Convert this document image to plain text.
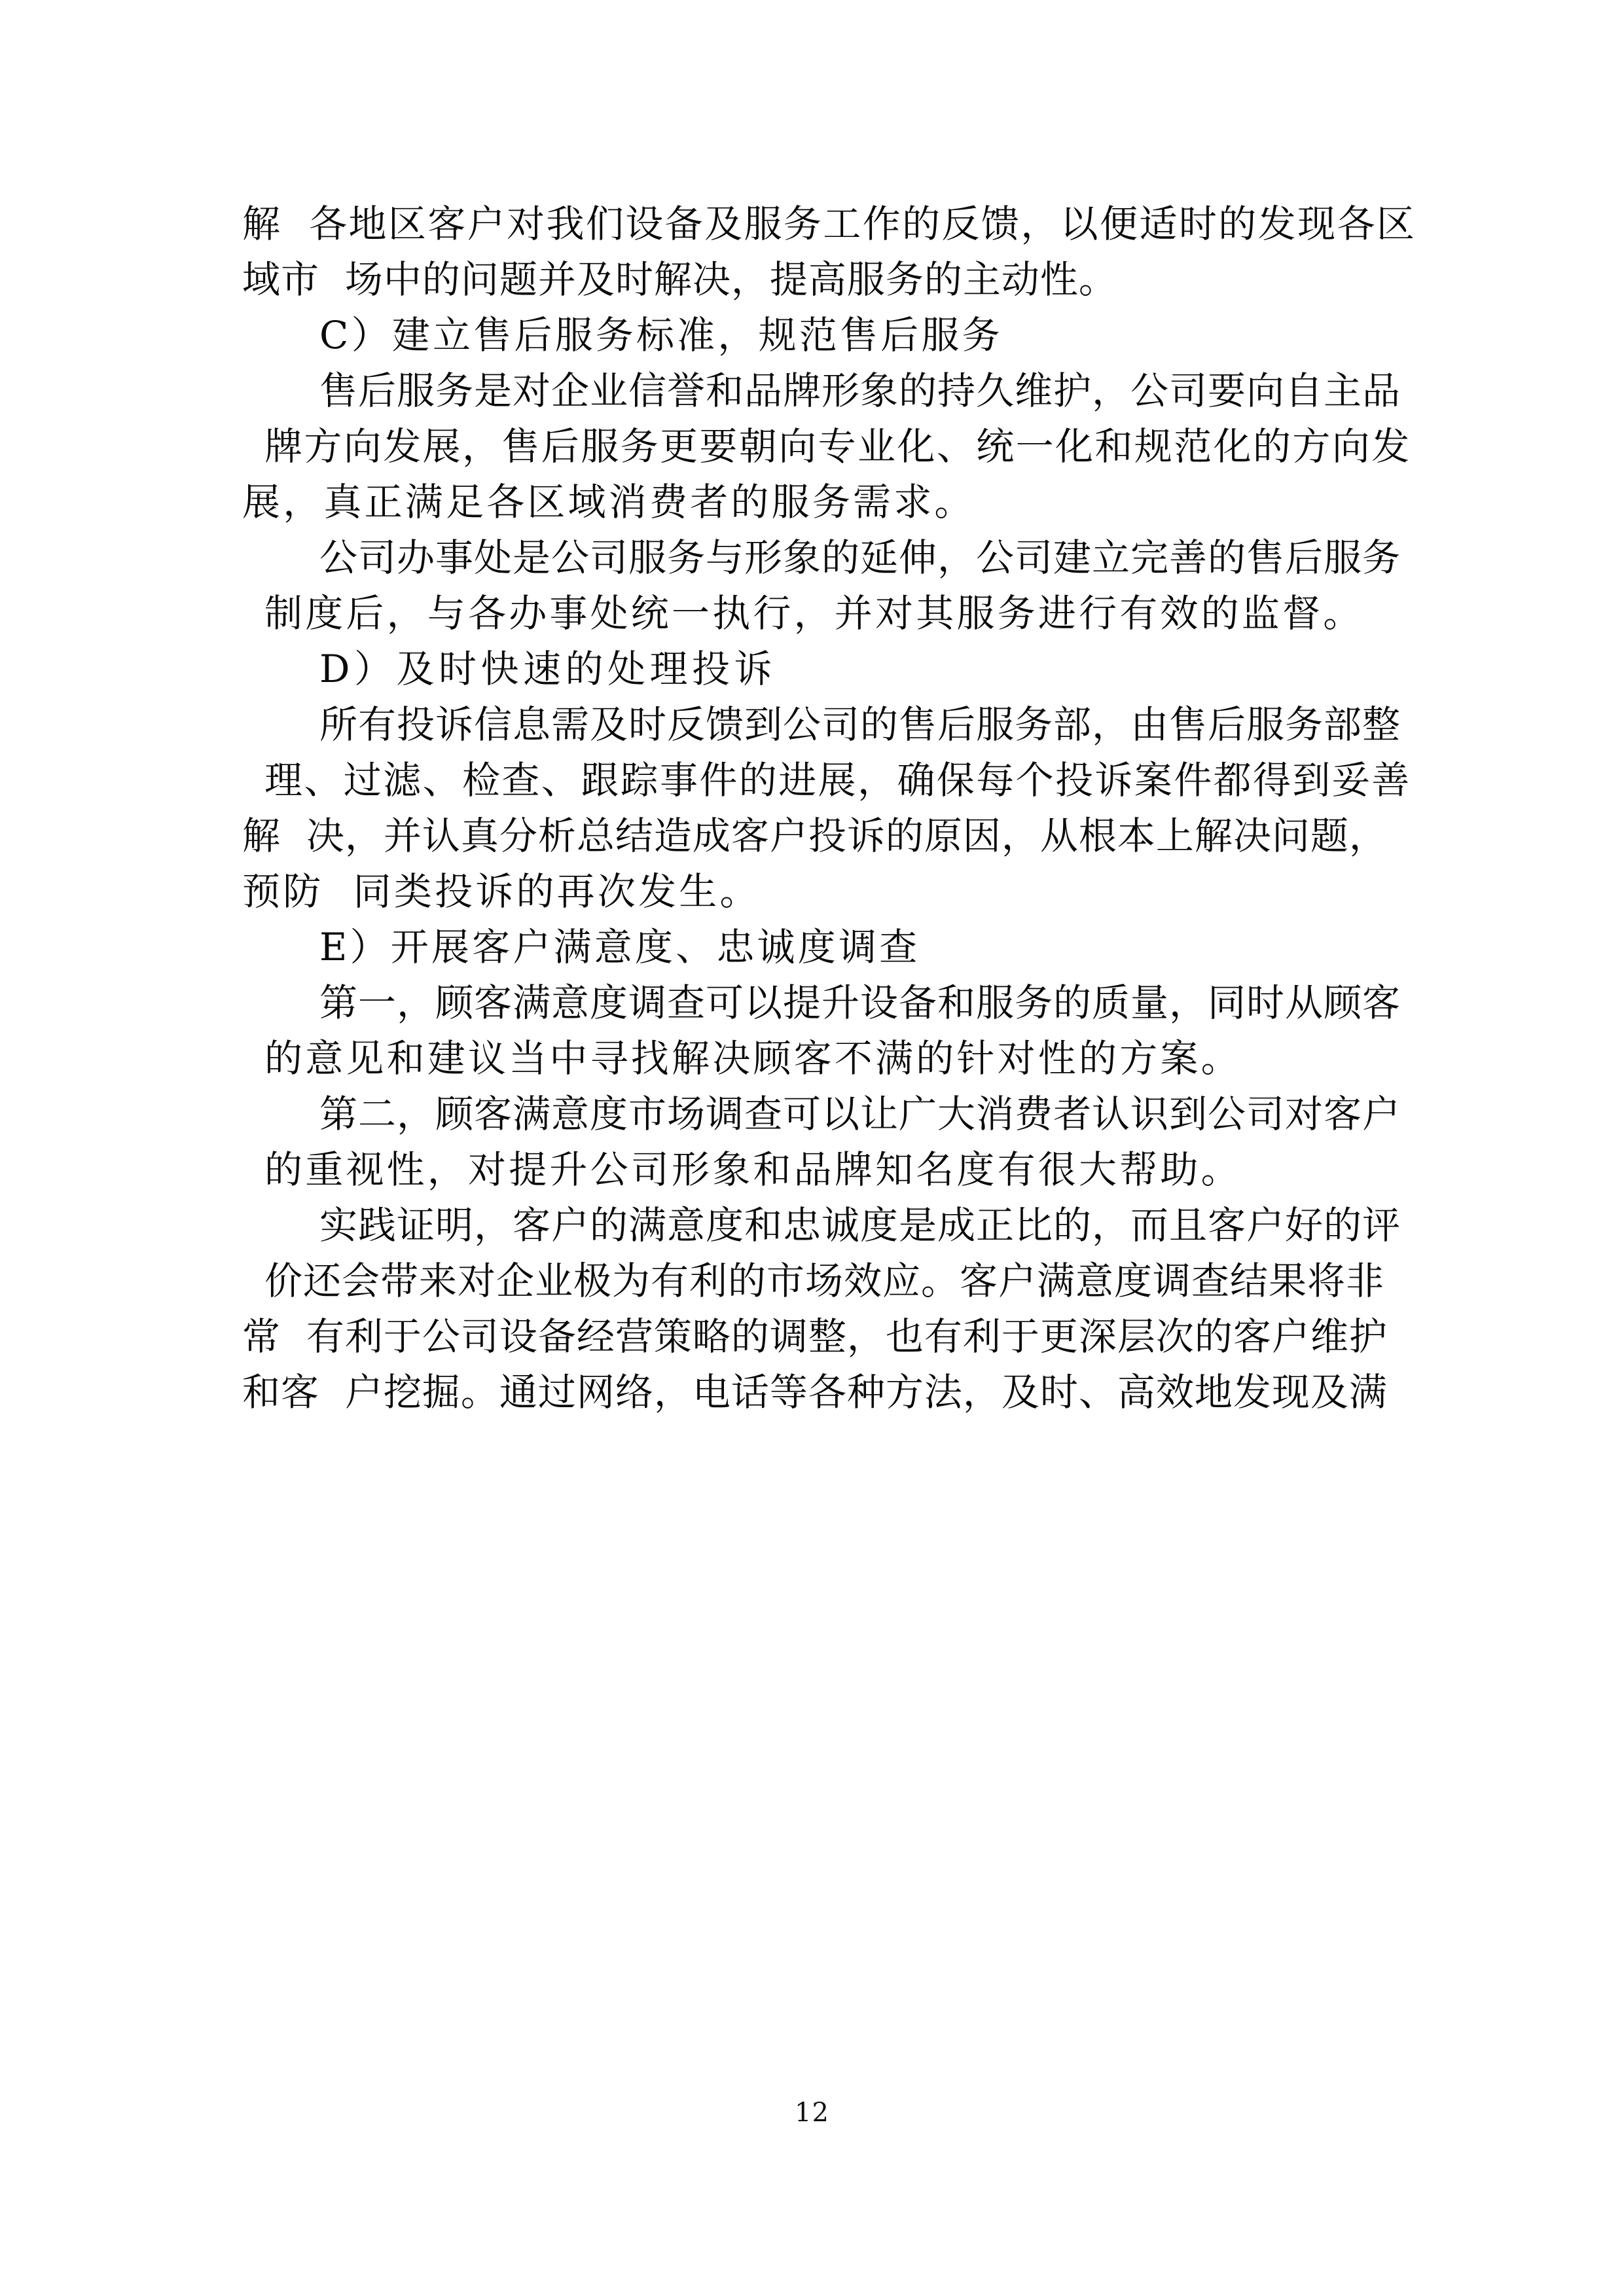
解  各地区客户对我们设备及服务工作的反馈，以便适时的发现各区
域市  场中的问题并及时解决，提高服务的主动性。
C）建立售后服务标准，规范售后服务
售后服务是对企业信誉和品牌形象的持久维护，公司要向自主品
牌方向发展，售后服务更要朝向专业化、统一化和规范化的方向发
展，真正满足各区域消费者的服务需求。
公司办事处是公司服务与形象的延伸，公司建立完善的售后服务
制度后，与各办事处统一执行，并对其服务进行有效的监督。
D）及时快速的处理投诉
所有投诉信息需及时反馈到公司的售后服务部，由售后服务部整
理、过滤、检查、跟踪事件的进展，确保每个投诉案件都得到妥善
解  决，并认真分析总结造成客户投诉的原因，从根本上解决问题，
预防  同类投诉的再次发生。
E）开展客户满意度、忠诚度调查
第一，顾客满意度调查可以提升设备和服务的质量，同时从顾客
的意见和建议当中寻找解决顾客不满的针对性的方案。
第二，顾客满意度市场调查可以让广大消费者认识到公司对客户
的重视性，对提升公司形象和品牌知名度有很大帮助。
实践证明，客户的满意度和忠诚度是成正比的，而且客户好的评
价还会带来对企业极为有利的市场效应。客户满意度调查结果将非
常  有利于公司设备经营策略的调整，也有利于更深层次的客户维护
和客  户挖掘。通过网络，电话等各种方法，及时、高效地发现及满
12
